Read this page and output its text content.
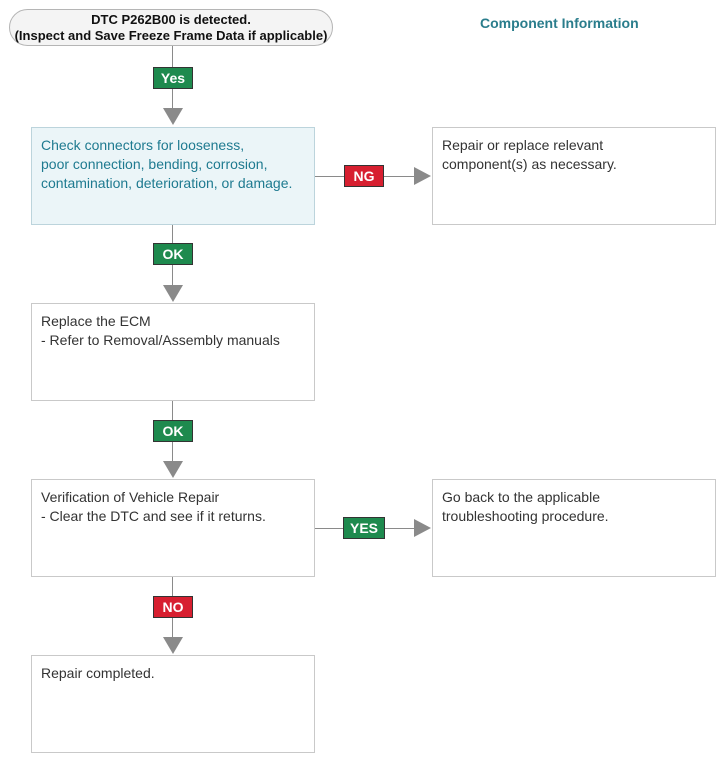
DTC P262B00 is detected.
(Inspect and Save Freeze Frame Data if applicable)
Component Information
Yes
Check connectors for looseness,
poor connection, bending, corrosion,
contamination, deterioration, or damage.	NG
Repair or replace relevant
component(s) as necessary.
OK
Replace the ECM
- Refer to Removal/Assembly manuals
OK
Verification of Vehicle Repair
- Clear the DTC and see if it returns.
YES
Go back to the applicable
troubleshooting procedure.
NO
Repair completed.
